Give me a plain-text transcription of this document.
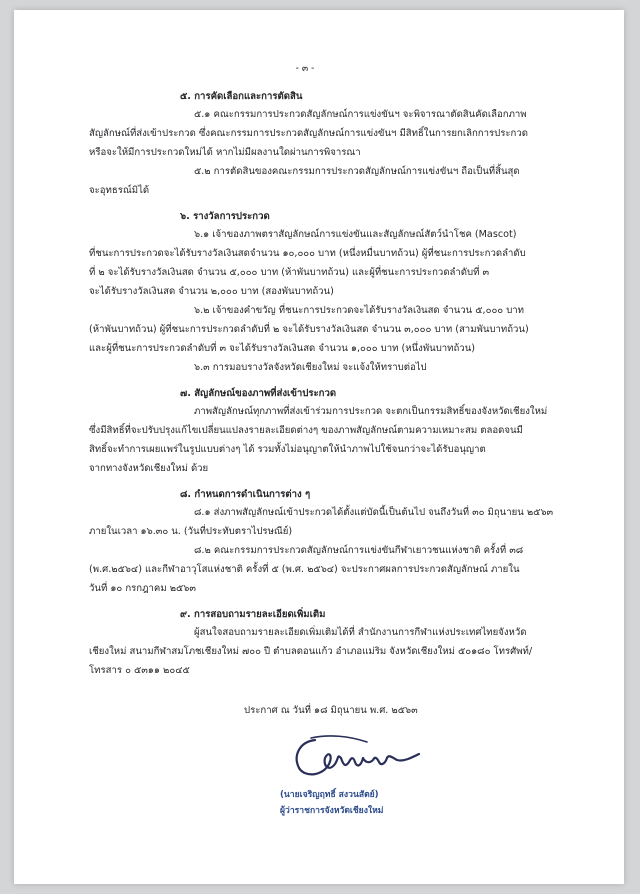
- ๓ -
๕. การคัดเลือกและการตัดสิน
๕.๑ คณะกรรมการประกวดสัญลักษณ์การแข่งขันฯ จะพิจารณาตัดสินคัดเลือกภาพ
สัญลักษณ์ที่ส่งเข้าประกวด ซึ่งคณะกรรมการประกวดสัญลักษณ์การแข่งขันฯ มีสิทธิ์ในการยกเลิกการประกวด
หรือจะให้มีการประกวดใหม่ได้ หากไม่มีผลงานใดผ่านการพิจารณา
๕.๒ การตัดสินของคณะกรรมการประกวดสัญลักษณ์การแข่งขันฯ ถือเป็นที่สิ้นสุด
จะอุทธรณ์มิได้
๖. รางวัลการประกวด
๖.๑ เจ้าของภาพตราสัญลักษณ์การแข่งขันและสัญลักษณ์สัตว์นำโชค (Mascot)
ที่ชนะการประกวดจะได้รับรางวัลเงินสดจำนวน ๑๐,๐๐๐ บาท (หนึ่งหมื่นบาทถ้วน) ผู้ที่ชนะการประกวดลำดับ
ที่ ๒ จะได้รับรางวัลเงินสด จำนวน ๕,๐๐๐ บาท (ห้าพันบาทถ้วน) และผู้ที่ชนะการประกวดลำดับที่ ๓
จะได้รับรางวัลเงินสด จำนวน ๒,๐๐๐ บาท (สองพันบาทถ้วน)
๖.๒ เจ้าของคำขวัญ ที่ชนะการประกวดจะได้รับรางวัลเงินสด จำนวน ๕,๐๐๐ บาท
(ห้าพันบาทถ้วน) ผู้ที่ชนะการประกวดลำดับที่ ๒ จะได้รับรางวัลเงินสด จำนวน ๓,๐๐๐ บาท (สามพันบาทถ้วน)
และผู้ที่ชนะการประกวดลำดับที่ ๓ จะได้รับรางวัลเงินสด จำนวน ๑,๐๐๐ บาท (หนึ่งพันบาทถ้วน)
๖.๓ การมอบรางวัลจังหวัดเชียงใหม่ จะแจ้งให้ทราบต่อไป
๗. สัญลักษณ์ของภาพที่ส่งเข้าประกวด
ภาพสัญลักษณ์ทุกภาพที่ส่งเข้าร่วมการประกวด จะตกเป็นกรรมสิทธิ์ของจังหวัดเชียงใหม่
ซึ่งมีสิทธิ์ที่จะปรับปรุงแก้ไขเปลี่ยนแปลงรายละเอียดต่างๆ ของภาพสัญลักษณ์ตามความเหมาะสม ตลอดจนมี
สิทธิ์จะทำการเผยแพร่ในรูปแบบต่างๆ ได้ รวมทั้งไม่อนุญาตให้นำภาพไปใช้จนกว่าจะได้รับอนุญาต
จากทางจังหวัดเชียงใหม่ ด้วย
๘. กำหนดการดำเนินการต่าง ๆ
๘.๑ ส่งภาพสัญลักษณ์เข้าประกวดได้ตั้งแต่บัดนี้เป็นต้นไป จนถึงวันที่ ๓๐ มิถุนายน ๒๕๖๓
ภายในเวลา ๑๖.๓๐ น. (วันที่ประทับตราไปรษณีย์)
๘.๒ คณะกรรมการประกวดสัญลักษณ์การแข่งขันกีฬาเยาวชนแห่งชาติ ครั้งที่ ๓๘
(พ.ศ.๒๕๖๔) และกีฬาอาวุโสแห่งชาติ ครั้งที่ ๕ (พ.ศ. ๒๕๖๔) จะประกาศผลการประกวดสัญลักษณ์ ภายใน
วันที่ ๑๐ กรกฎาคม ๒๕๖๓
๙. การสอบถามรายละเอียดเพิ่มเติม
ผู้สนใจสอบถามรายละเอียดเพิ่มเติมได้ที่ สำนักงานการกีฬาแห่งประเทศไทยจังหวัด
เชียงใหม่ สนามกีฬาสมโภชเชียงใหม่ ๗๐๐ ปี ตำบลดอนแก้ว อำเภอแม่ริม จังหวัดเชียงใหม่ ๕๐๑๘๐ โทรศัพท์/
โทรสาร ๐ ๕๓๑๑ ๒๐๔๕
ประกาศ ณ วันที่ ๑๘ มิถุนายน พ.ศ. ๒๕๖๓
(นายเจริญฤทธิ์ สงวนสัตย์)
ผู้ว่าราชการจังหวัดเชียงใหม่
